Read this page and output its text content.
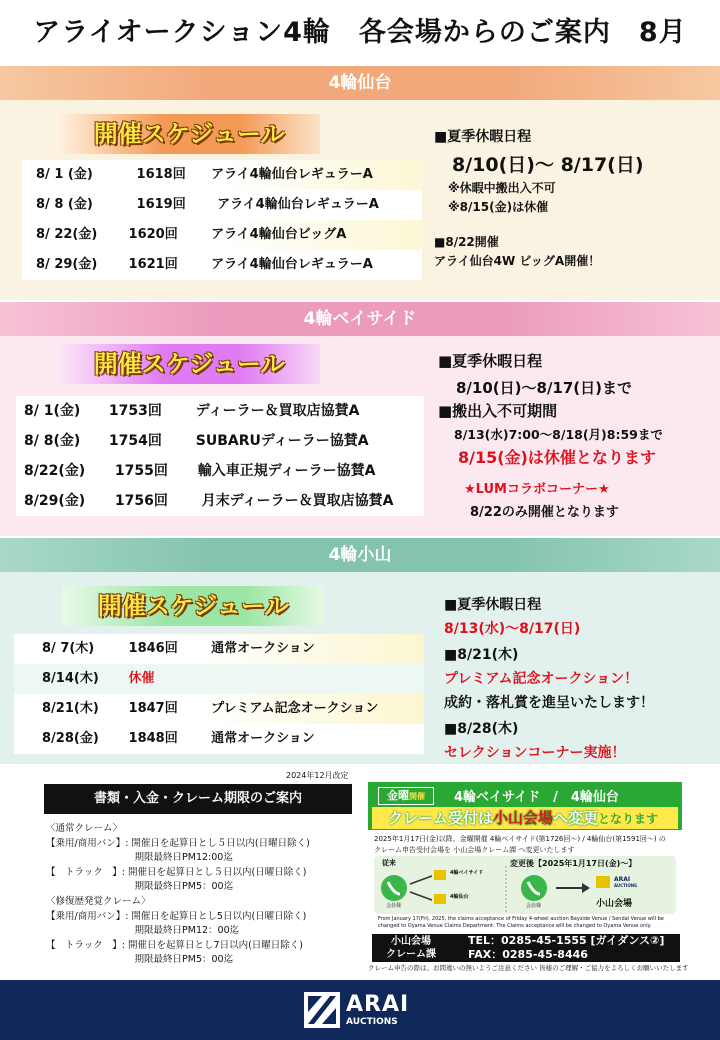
アライオークション4輪　各会場からのご案内　8月
4輪仙台
開催スケジュール
8/ 1 (金)	1618回 アライ4輪仙台レギュラーA
8/ 8 (金)	1619回 アライ4輪仙台レギュラーA
8/ 22(金) 1620回	アライ4輪仙台ビッグA
8/ 29(金) 1621回	アライ4輪仙台レギュラーA
■夏季休暇日程
8/10(日)～ 8/17(日)
※休暇中搬出入不可
※8/15(金)は休催
■8/22開催
アライ仙台4W ビッグA開催！
4輪ベイサイド
開催スケジュール
8/ 1(金) 1753回 ディーラー＆買取店協賛A
8/ 8(金) 1754回 SUBARUディーラー協賛A
8/22(金) 1755回 輸入車正規ディーラー協賛A
8/29(金) 1756回 月末ディーラー＆買取店協賛A
■夏季休暇日程
8/10(日)～8/17(日)まで
■搬出入不可期間
8/13(水)7:00～8/18(月)8:59まで
8/15(金)は休催となります
★LUMコラボコーナー★
8/22のみ開催となります
4輪小山
開催スケジュール
8/ 7(木)	1846回	通常オークション
8/14(木) 休催
8/21(木) 1847回	プレミアム記念オークション
8/28(金) 1848回	通常オークション
■夏季休暇日程
8/13(水)～8/17(日)
■8/21(木)
プレミアム記念オークション！
成約・落札賞を進呈いたします！
■8/28(木)
セレクションコーナー実施！
2024年12月改定
書類・入金・クレーム期限のご案内
〈通常クレーム〉
【乗用/商用バン】: 開催日を起算日とし５日以内(日曜日除く)
　　　　　　　　　 期限最終日PM12:00迄
【　トラック　】: 開催日を起算日とし５日以内(日曜日除く)
　　　　　　　　　 期限最終日PM5：00迄
〈修復歴発覚クレーム〉
【乗用/商用バン】: 開催日を起算日とし5日以内(日曜日除く)
　　　　　　　　　 期限最終日PM12：00迄
【　トラック　】: 開催日を起算日とし7日以内(日曜日除く)
　　　　　　　　　 期限最終日PM5：00迄
金曜開催	4輪ベイサイド　/　4輪仙台
クレーム受付は小山会場へ変更となります
2025年1月17日(金)以降、金曜開催 4輪ベイサイド(第1726回～) / 4輪仙台(第1591回～) の
クレーム申告受付会場を 小山会場クレーム課 へ変更いたします
従来	変更後【2025年1月17日(金)～】
4輪ベイサイド
4輪仙台
会員様	会員様
ARAI
AUCTIONS
小山会場
From January 17(Fri), 2025, the claims acceptance of Friday 4-wheel auction Bayside Venue / Sendai Venue will be
changed to Oyama Venue Claims Department. The Claims acceptance will be changed to Oyama Venue only.
小山会場
クレーム課
TEL：0285-45-1555 [ガイダンス②]
FAX：0285-45-8446
クレーム申告の際は、お間違いの無いようご注意ください 皆様のご理解・ご協力をよろしくお願いいたします
ARAI
AUCTIONS
